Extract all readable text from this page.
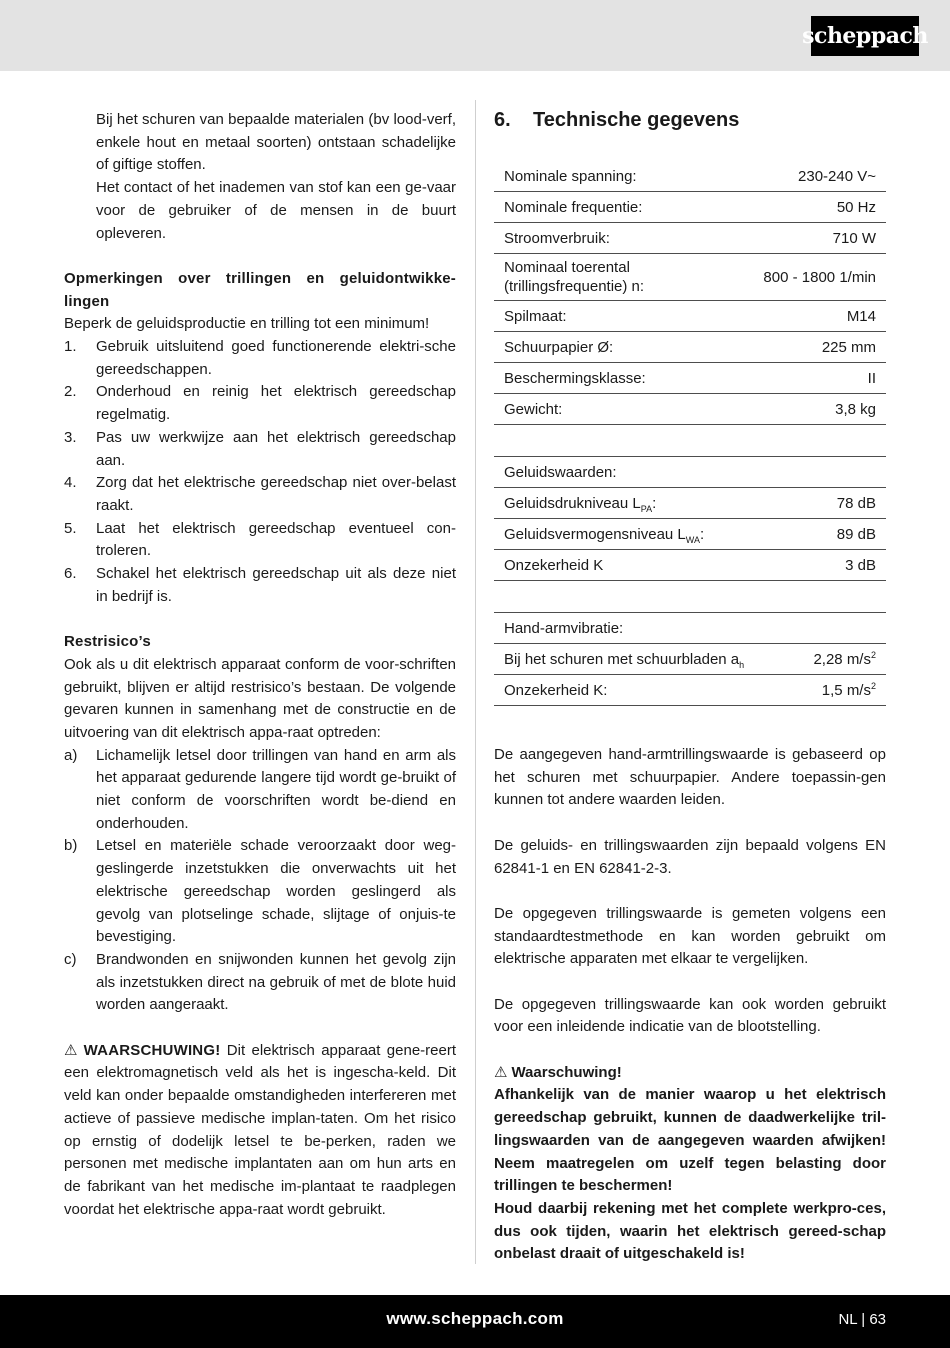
scheppach

Bij het schuren van bepaalde materialen (bv lood-verf, enkele hout en metaal soorten) ontstaan schadelijke of giftige stoffen.

Het contact of het inademen van stof kan een ge-vaar voor de gebruiker of de mensen in de buurt opleveren.

Opmerkingen over trillingen en geluidontwikke-lingen

Beperk de geluidsproductie en trilling tot een minimum!

1. Gebruik uitsluitend goed functionerende elektri-sche gereedschappen.
2. Onderhoud en reinig het elektrisch gereedschap regelmatig.
3. Pas uw werkwijze aan het elektrisch gereedschap aan.
4. Zorg dat het elektrische gereedschap niet over-belast raakt.
5. Laat het elektrisch gereedschap eventueel con-troleren.
6. Schakel het elektrisch gereedschap uit als deze niet in bedrijf is.

Restrisico’s

Ook als u dit elektrisch apparaat conform de voor-schriften gebruikt, blijven er altijd restrisico’s bestaan. De volgende gevaren kunnen in samenhang met de constructie en de uitvoering van dit elektrisch appa-raat optreden:

a) Lichamelijk letsel door trillingen van hand en arm als het apparaat gedurende langere tijd wordt ge-bruikt of niet conform de voorschriften wordt be-diend en onderhouden.
b) Letsel en materiële schade veroorzaakt door weg-geslingerde inzetstukken die onverwachts uit het elektrische gereedschap worden geslingerd als gevolg van plotselinge schade, slijtage of onjuis-te bevestiging.
c) Brandwonden en snijwonden kunnen het gevolg zijn als inzetstukken direct na gebruik of met de blote huid worden aangeraakt.

⚠ WAARSCHUWING! Dit elektrisch apparaat gene-reert een elektromagnetisch veld als het is ingescha-keld. Dit veld kan onder bepaalde omstandigheden interfereren met actieve of passieve medische implan-taten. Om het risico op ernstig of dodelijk letsel te be-perken, raden we personen met medische implantaten aan om hun arts en de fabrikant van het medische im-plantaat te raadplegen voordat het elektrische appa-raat wordt gebruikt.

6. Technische gegevens
Nominale spanning:	230-240 V~
Nominale frequentie:	50 Hz
Stroomverbruik:	710 W
Nominaal toerental (trillingsfrequentie) n:	800 - 1800 1/min
Spilmaat:	M14
Schuurpapier Ø:	225 mm
Beschermingsklasse:	II
Gewicht:	3,8 kg
Geluidswaarden:	
Geluidsdrukniveau $L_{PA}$:	78 dB
Geluidsvermogensniveau $L_{WA}$:	89 dB
Onzekerheid K	3 dB
Hand-armvibratie:	
Bij het schuren met schuurbladen $a_h$	2,28 $m/s^2$
Onzekerheid K:	1,5 $m/s^2$

De aangegeven hand-armtrillingswaarde is gebaseerd op het schuren met schuurpapier. Andere toepassin-gen kunnen tot andere waarden leiden.

De geluids- en trillingswaarden zijn bepaald volgens EN 62841-1 en EN 62841-2-3.

De opgegeven trillingswaarde is gemeten volgens een standaardtestmethode en kan worden gebruikt om elektrische apparaten met elkaar te vergelijken.

De opgegeven trillingswaarde kan ook worden gebruikt voor een inleidende indicatie van de blootstelling.

⚠ Waarschuwing!

Afhankelijk van de manier waarop u het elektrisch gereedschap gebruikt, kunnen de daadwerkelijke tril-lingswaarden van de aangegeven waarden afwijken! Neem maatregelen om uzelf tegen belasting door trillingen te beschermen!

Houd daarbij rekening met het complete werkpro-ces, dus ook tijden, waarin het elektrisch gereed-schap onbelast draait of uitgeschakeld is!

www.scheppach.com	NL | 63
